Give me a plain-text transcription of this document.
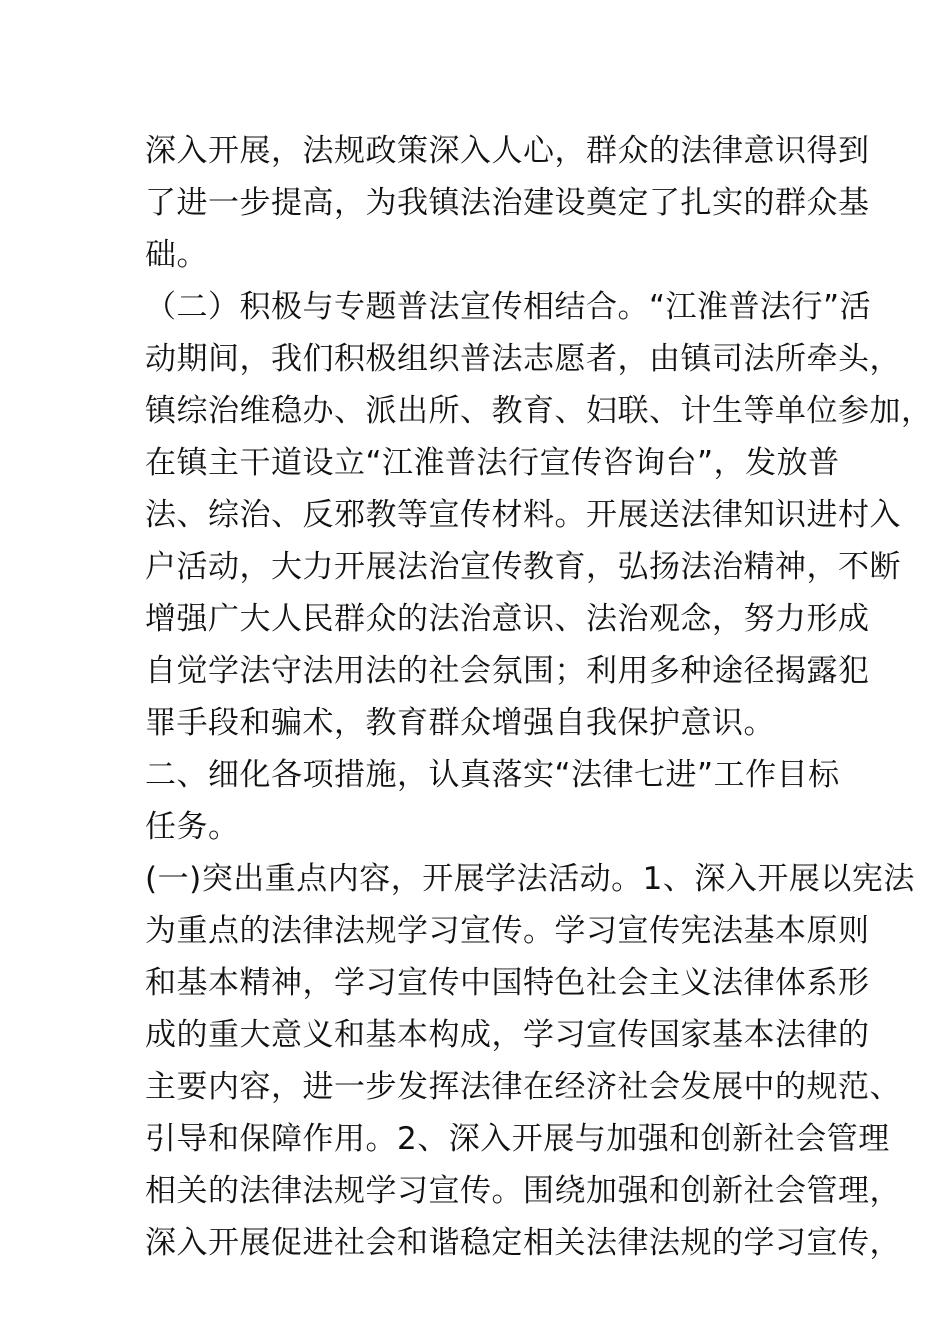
深入开展，法规政策深入人心，群众的法律意识得到
了进一步提高，为我镇法治建设奠定了扎实的群众基
础。
（二）积极与专题普法宣传相结合。“江淮普法行”活
动期间，我们积极组织普法志愿者，由镇司法所牵头，
镇综治维稳办、派出所、教育、妇联、计生等单位参加，
在镇主干道设立“江淮普法行宣传咨询台”，发放普
法、综治、反邪教等宣传材料。开展送法律知识进村入
户活动，大力开展法治宣传教育，弘扬法治精神，不断
增强广大人民群众的法治意识、法治观念，努力形成
自觉学法守法用法的社会氛围；利用多种途径揭露犯
罪手段和骗术，教育群众增强自我保护意识。
二、细化各项措施，认真落实“法律七进”工作目标
任务。
(一)突出重点内容，开展学法活动。1、深入开展以宪法
为重点的法律法规学习宣传。学习宣传宪法基本原则
和基本精神，学习宣传中国特色社会主义法律体系形
成的重大意义和基本构成，学习宣传国家基本法律的
主要内容，进一步发挥法律在经济社会发展中的规范、
引导和保障作用。2、深入开展与加强和创新社会管理
相关的法律法规学习宣传。围绕加强和创新社会管理，
深入开展促进社会和谐稳定相关法律法规的学习宣传，
